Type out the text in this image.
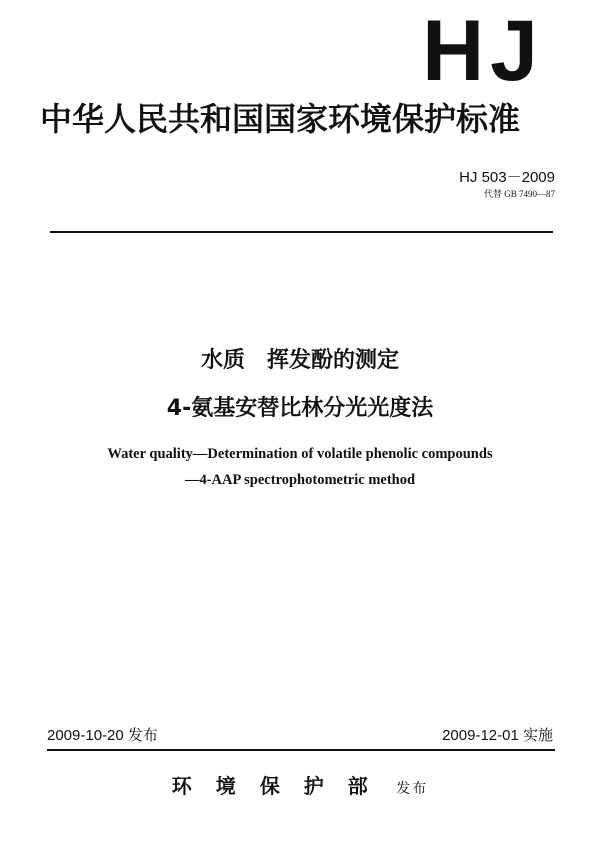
HJ
中华人民共和国国家环境保护标准
HJ 503－2009
代替 GB 7490—87
水质　挥发酚的测定
4-氨基安替比林分光光度法
Water quality—Determination of volatile phenolic compounds
—4-AAP spectrophotometric method
2009-10-20 发布	2009-12-01 实施
环境保护部 发布
